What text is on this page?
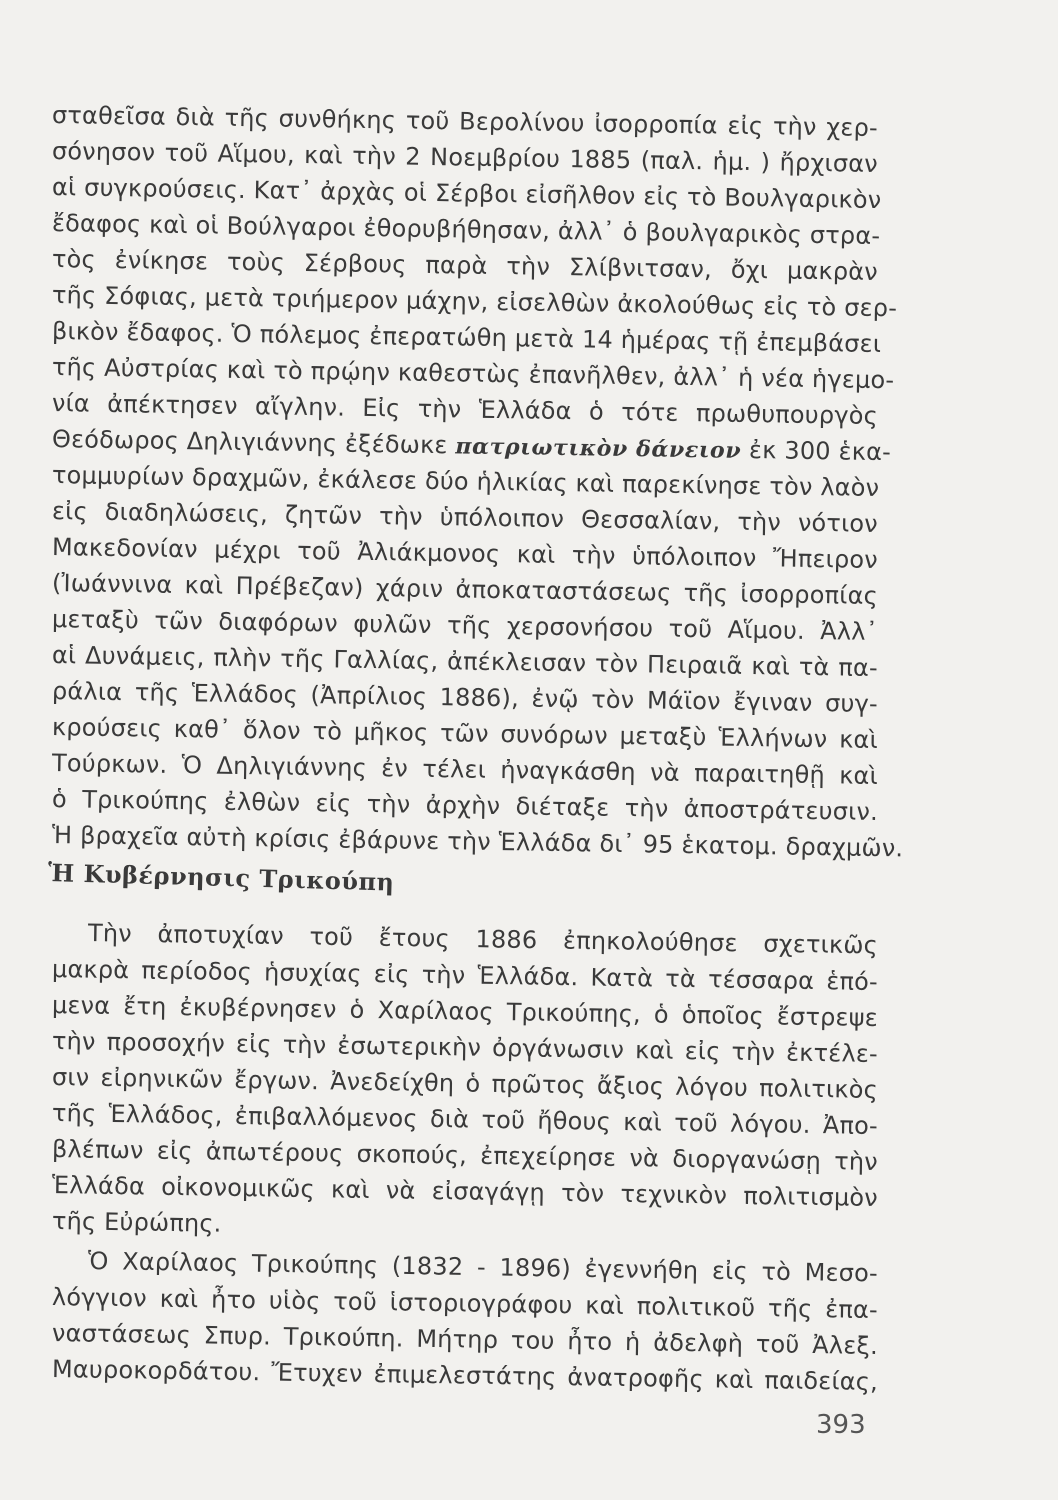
σταθεῖσα διὰ τῆς συνθήκης τοῦ Βερολίνου ἰσορροπία εἰς τὴν χερ-
σόνησον τοῦ Αἵμου, καὶ τὴν 2 Νοεμβρίου 1885 (παλ. ἡμ. ) ἤρχισαν
αἱ συγκρούσεις. Κατ᾽ ἀρχὰς οἱ Σέρβοι εἰσῆλθον εἰς τὸ Βουλγαρικὸν
ἔδαφος καὶ οἱ Βούλγαροι ἐθορυβήθησαν, ἀλλ᾽ ὁ βουλγαρικὸς στρα-
τὸς ἐνίκησε τοὺς Σέρβους παρὰ τὴν Σλίβνιτσαν, ὄχι μακρὰν
τῆς Σόφιας, μετὰ τριήμερον μάχην, εἰσελθὼν ἀκολούθως εἰς τὸ σερ-
βικὸν ἔδαφος. Ὁ πόλεμος ἐπερατώθη μετὰ 14 ἡμέρας τῇ ἐπεμβάσει
τῆς Αὐστρίας καὶ τὸ πρῴην καθεστὼς ἐπανῆλθεν, ἀλλ᾽ ἡ νέα ἡγεμο-
νία ἀπέκτησεν αἴγλην. Εἰς τὴν Ἑλλάδα ὁ τότε πρωθυπουργὸς
Θεόδωρος Δηλιγιάννης ἐξέδωκε πατριωτικὸν δάνειον ἐκ 300 ἑκα-
τομμυρίων δραχμῶν, ἐκάλεσε δύο ἡλικίας καὶ παρεκίνησε τὸν λαὸν
εἰς διαδηλώσεις, ζητῶν τὴν ὑπόλοιπον Θεσσαλίαν, τὴν νότιον
Μακεδονίαν μέχρι τοῦ Ἀλιάκμονος καὶ τὴν ὑπόλοιπον Ἤπειρον
(Ἰωάννινα καὶ Πρέβεζαν) χάριν ἀποκαταστάσεως τῆς ἰσορροπίας
μεταξὺ τῶν διαφόρων φυλῶν τῆς χερσονήσου τοῦ Αἵμου. Ἀλλ᾽
αἱ Δυνάμεις, πλὴν τῆς Γαλλίας, ἀπέκλεισαν τὸν Πειραιᾶ καὶ τὰ πα-
ράλια τῆς Ἑλλάδος (Ἀπρίλιος 1886), ἐνῷ τὸν Μάϊον ἔγιναν συγ-
κρούσεις καθ᾽ ὅλον τὸ μῆκος τῶν συνόρων μεταξὺ Ἑλλήνων καὶ
Τούρκων. Ὁ Δηλιγιάννης ἐν τέλει ἠναγκάσθη νὰ παραιτηθῇ καὶ
ὁ Τρικούπης ἐλθὼν εἰς τὴν ἀρχὴν διέταξε τὴν ἀποστράτευσιν.
Ἡ βραχεῖα αὐτὴ κρίσις ἐβάρυνε τὴν Ἑλλάδα δι᾽ 95 ἑκατομ. δραχμῶν.
Ἡ Κυβέρνησις Τρικούπη
Τὴν ἀποτυχίαν τοῦ ἔτους 1886 ἐπηκολούθησε σχετικῶς
μακρὰ περίοδος ἡσυχίας εἰς τὴν Ἑλλάδα. Κατὰ τὰ τέσσαρα ἑπό-
μενα ἔτη ἐκυβέρνησεν ὁ Χαρίλαος Τρικούπης, ὁ ὁποῖος ἔστρεψε
τὴν προσοχήν εἰς τὴν ἐσωτερικὴν ὀργάνωσιν καὶ εἰς τὴν ἐκτέλε-
σιν εἰρηνικῶν ἔργων. Ἀνεδείχθη ὁ πρῶτος ἄξιος λόγου πολιτικὸς
τῆς Ἑλλάδος, ἐπιβαλλόμενος διὰ τοῦ ἤθους καὶ τοῦ λόγου. Ἀπο-
βλέπων εἰς ἀπωτέρους σκοπούς, ἐπεχείρησε νὰ διοργανώσῃ τὴν
Ἑλλάδα οἰκονομικῶς καὶ νὰ εἰσαγάγῃ τὸν τεχνικὸν πολιτισμὸν
τῆς Εὐρώπης.
Ὁ Χαρίλαος Τρικούπης (1832 - 1896) ἐγεννήθη εἰς τὸ Μεσο-
λόγγιον καὶ ἦτο υἱὸς τοῦ ἱστοριογράφου καὶ πολιτικοῦ τῆς ἐπα-
ναστάσεως Σπυρ. Τρικούπη. Μήτηρ του ἦτο ἡ ἀδελφὴ τοῦ Ἀλεξ.
Μαυροκορδάτου. Ἔτυχεν ἐπιμελεστάτης ἀνατροφῆς καὶ παιδείας,
393
